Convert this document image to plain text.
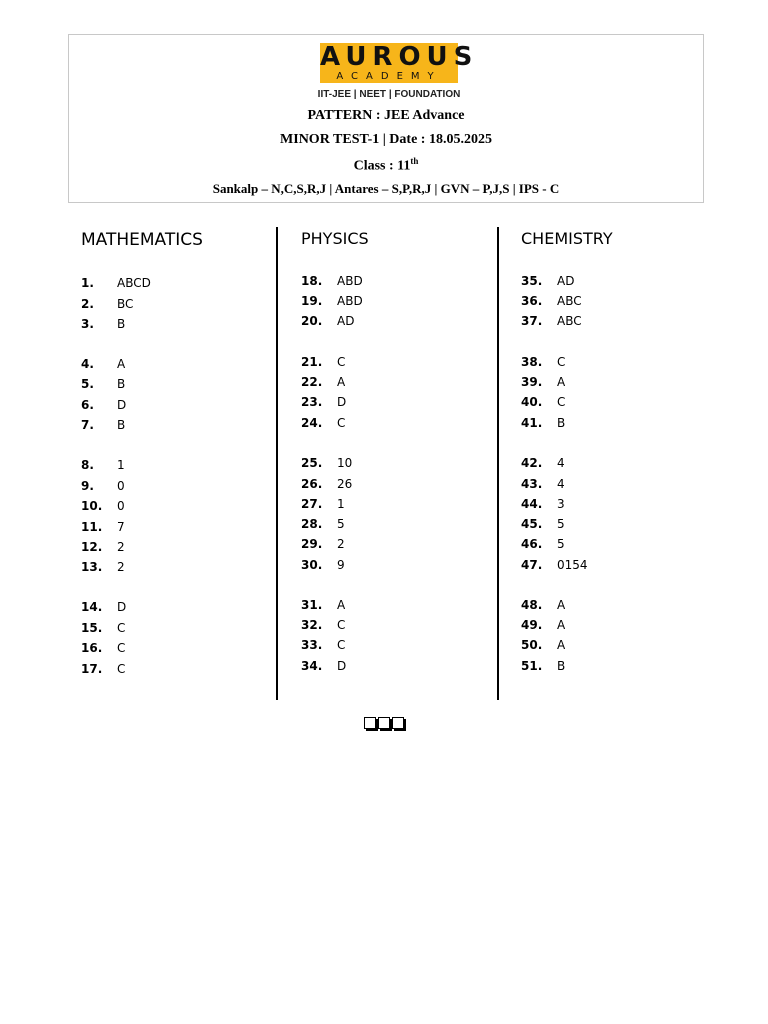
AUROUS
ACADEMY
IIT-JEE | NEET | FOUNDATION
PATTERN : JEE Advance
MINOR TEST-1 | Date : 18.05.2025
Class : 11th
Sankalp – N,C,S,R,J | Antares – S,P,R,J | GVN – P,J,S | IPS - C
MATHEMATICS	PHYSICS	CHEMISTRY
1. ABCD
2. BC
3. B
4. A
5. B
6. D
7. B
8. 1
9. 0
10. 0
11. 7
12. 2
13. 2
14. D
15. C
16. C
17. C
18. ABD
19. ABD
20. AD
21. C
22. A
23. D
24. C
25. 10
26. 26
27. 1
28. 5
29. 2
30. 9
31. A
32. C
33. C
34. D
35. AD
36. ABC
37. ABC
38. C
39. A
40. C
41. B
42. 4
43. 4
44. 3
45. 5
46. 5
47. 0154
48. A
49. A
50. A
51. B
